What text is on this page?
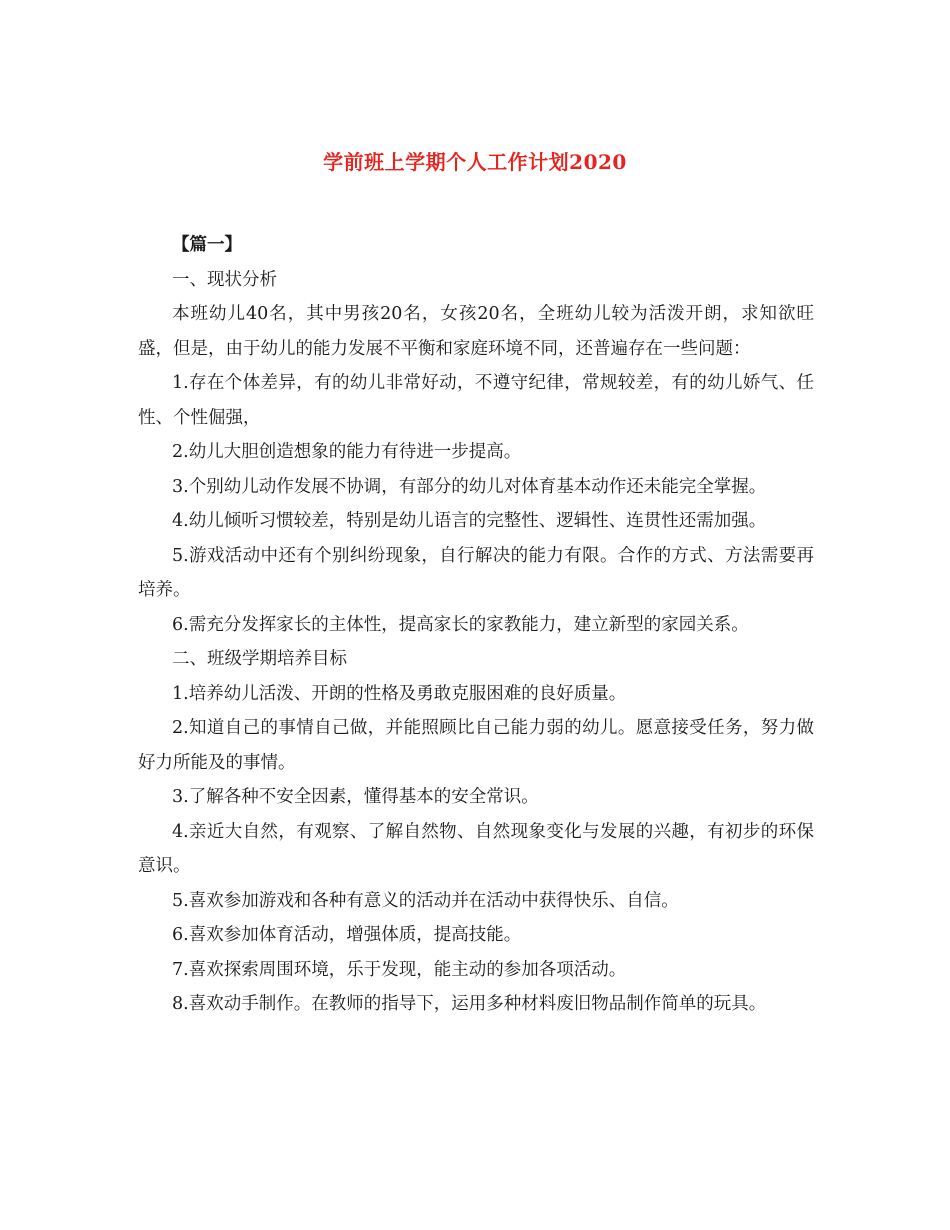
学前班上学期个人工作计划2020

【篇一】

一、现状分析

本班幼儿40名，其中男孩20名，女孩20名，全班幼儿较为活泼开朗，求知欲旺盛，但是，由于幼儿的能力发展不平衡和家庭环境不同，还普遍存在一些问题：

1.存在个体差异，有的幼儿非常好动，不遵守纪律，常规较差，有的幼儿娇气、任性、个性倔强，

2.幼儿大胆创造想象的能力有待进一步提高。

3.个别幼儿动作发展不协调，有部分的幼儿对体育基本动作还未能完全掌握。

4.幼儿倾听习惯较差，特别是幼儿语言的完整性、逻辑性、连贯性还需加强。

5.游戏活动中还有个别纠纷现象，自行解决的能力有限。合作的方式、方法需要再培养。

6.需充分发挥家长的主体性，提高家长的家教能力，建立新型的家园关系。

二、班级学期培养目标

1.培养幼儿活泼、开朗的性格及勇敢克服困难的良好质量。

2.知道自己的事情自己做，并能照顾比自己能力弱的幼儿。愿意接受任务，努力做好力所能及的事情。

3.了解各种不安全因素，懂得基本的安全常识。

4.亲近大自然，有观察、了解自然物、自然现象变化与发展的兴趣，有初步的环保意识。

5.喜欢参加游戏和各种有意义的活动并在活动中获得快乐、自信。

6.喜欢参加体育活动，增强体质，提高技能。

7.喜欢探索周围环境，乐于发现，能主动的参加各项活动。

8.喜欢动手制作。在教师的指导下，运用多种材料废旧物品制作简单的玩具。
